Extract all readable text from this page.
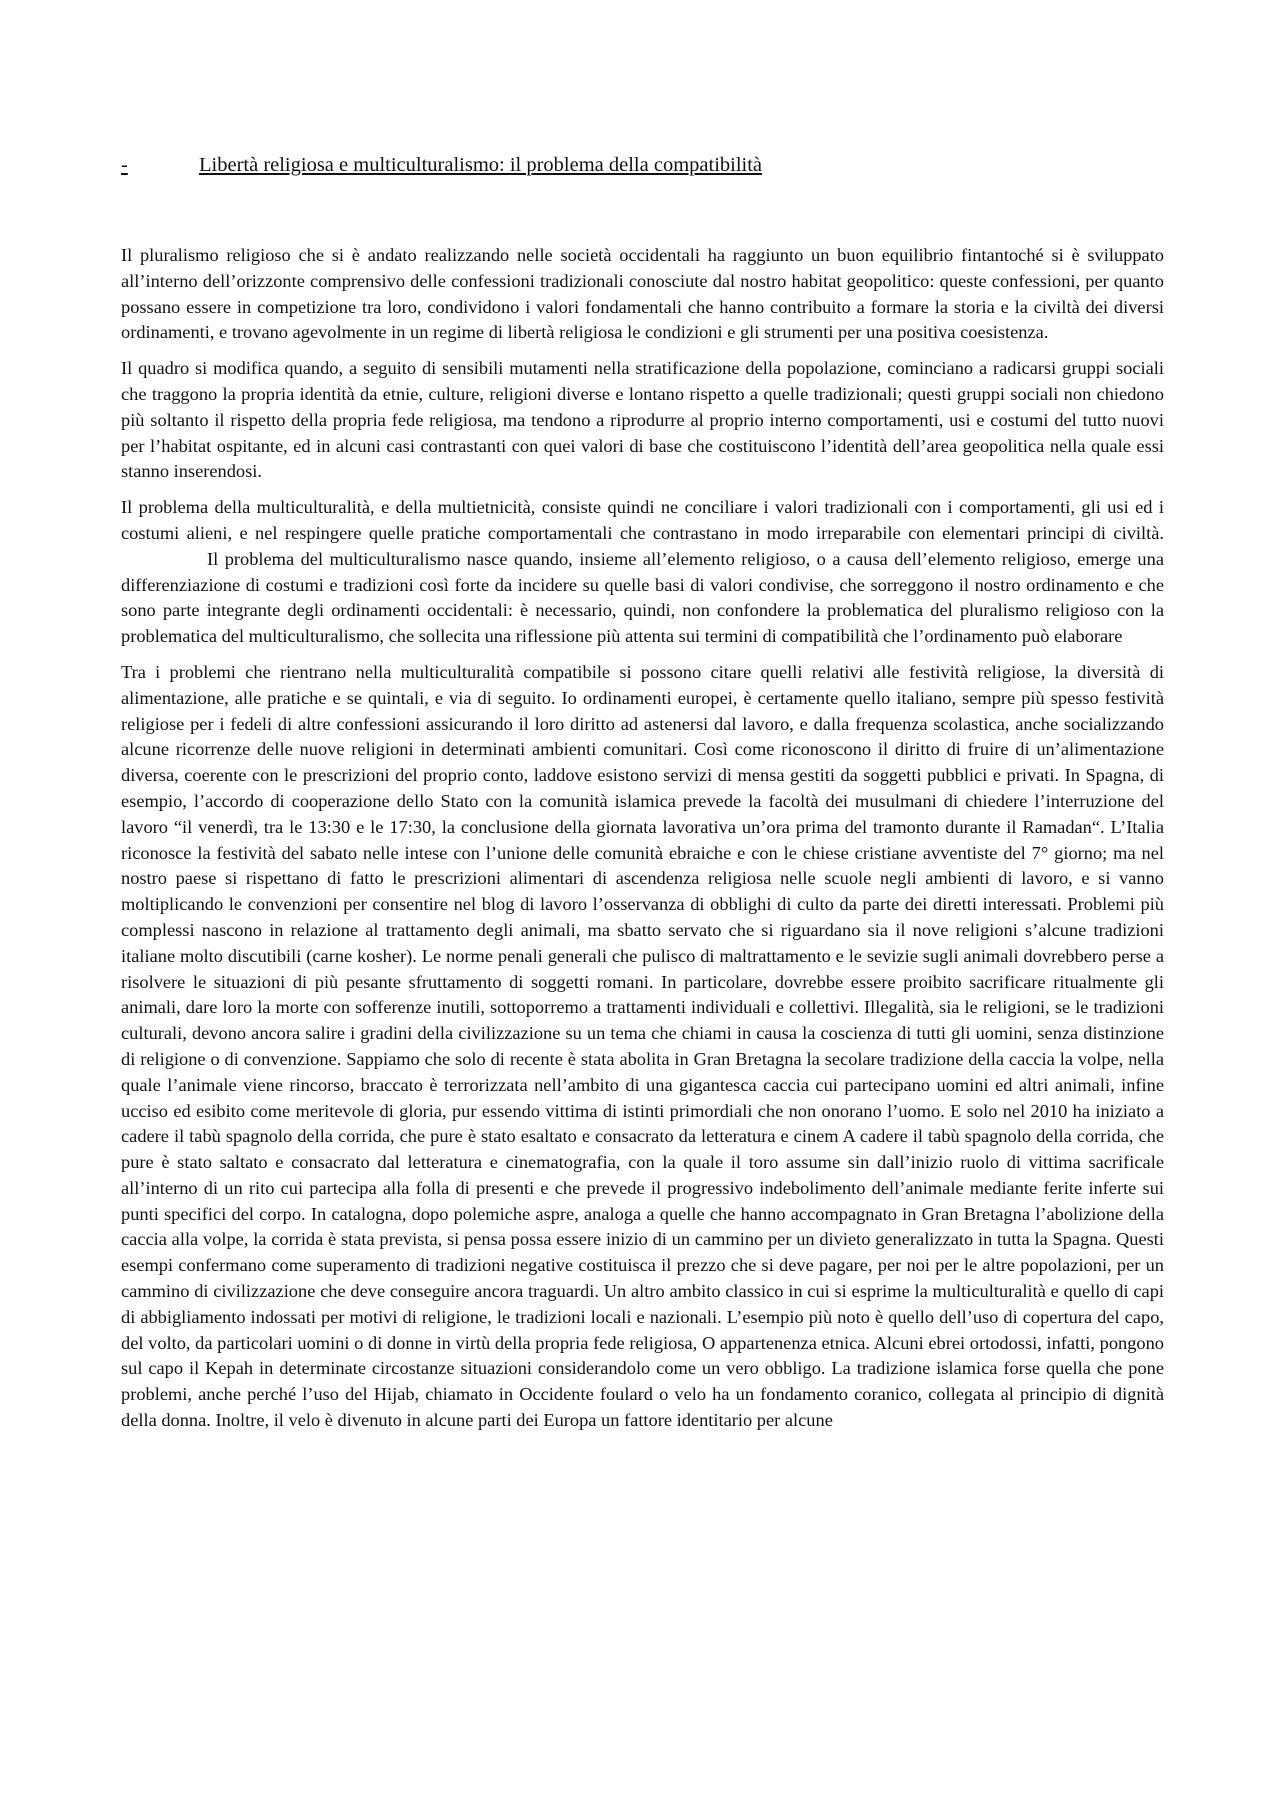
-	Libertà religiosa e multiculturalismo: il problema della compatibilità

Il pluralismo religioso che si è andato realizzando nelle società occidentali ha raggiunto un buon equilibrio fintantoché si è sviluppato all’interno dell’orizzonte comprensivo delle confessioni tradizionali conosciute dal nostro habitat geopolitico: queste confessioni, per quanto possano essere in competizione tra loro, condividono i valori fondamentali che hanno contribuito a formare la storia e la civiltà dei diversi ordinamenti, e trovano agevolmente in un regime di libertà religiosa le condizioni e gli strumenti per una positiva coesistenza.

Il quadro si modifica quando, a seguito di sensibili mutamenti nella stratificazione della popolazione, cominciano a radicarsi gruppi sociali che traggono la propria identità da etnie, culture, religioni diverse e lontano rispetto a quelle tradizionali; questi gruppi sociali non chiedono più soltanto il rispetto della propria fede religiosa, ma tendono a riprodurre al proprio interno comportamenti, usi e costumi del tutto nuovi per l’habitat ospitante, ed in alcuni casi contrastanti con quei valori di base che costituiscono l’identità dell’area geopolitica nella quale essi stanno inserendosi.

Il problema della multiculturalità, e della multietnicità, consiste quindi ne conciliare i valori tradizionali con i comportamenti, gli usi ed i costumi alieni, e nel respingere quelle pratiche comportamentali che contrastano in modo irreparabile con elementari principi di civiltà.Il problema del multiculturalismo nasce quando, insieme all’elemento religioso, o a causa dell’elemento religioso, emerge una differenziazione di costumi e tradizioni così forte da incidere su quelle basi di valori condivise, che sorreggono il nostro ordinamento e che sono parte integrante degli ordinamenti occidentali: è necessario, quindi, non confondere la problematica del pluralismo religioso con la problematica del multiculturalismo, che sollecita una riflessione più attenta sui termini di compatibilità che l’ordinamento può elaborare

Tra i problemi che rientrano nella multiculturalità compatibile si possono citare quelli relativi alle festività religiose, la diversità di alimentazione, alle pratiche e se quintali, e via di seguito. Io ordinamenti europei, è certamente quello italiano, sempre più spesso festività religiose per i fedeli di altre confessioni assicurando il loro diritto ad astenersi dal lavoro, e dalla frequenza scolastica, anche socializzando alcune ricorrenze delle nuove religioni in determinati ambienti comunitari. Così come riconoscono il diritto di fruire di un’alimentazione diversa, coerente con le prescrizioni del proprio conto, laddove esistono servizi di mensa gestiti da soggetti pubblici e privati. In Spagna, di esempio, l’accordo di cooperazione dello Stato con la comunità islamica prevede la facoltà dei musulmani di chiedere l’interruzione del lavoro “il venerdì, tra le 13:30 e le 17:30, la conclusione della giornata lavorativa un’ora prima del tramonto durante il Ramadan“. L’Italia riconosce la festività del sabato nelle intese con l’unione delle comunità ebraiche e con le chiese cristiane avventiste del 7° giorno; ma nel nostro paese si rispettano di fatto le prescrizioni alimentari di ascendenza religiosa nelle scuole negli ambienti di lavoro, e si vanno moltiplicando le convenzioni per consentire nel blog di lavoro l’osservanza di obblighi di culto da parte dei diretti interessati. Problemi più complessi nascono in relazione al trattamento degli animali, ma sbatto servato che si riguardano sia il nove religioni s’alcune tradizioni italiane molto discutibili (carne kosher). Le norme penali generali che pulisco di maltrattamento e le sevizie sugli animali dovrebbero perse a risolvere le situazioni di più pesante sfruttamento di soggetti romani. In particolare, dovrebbe essere proibito sacrificare ritualmente gli animali, dare loro la morte con sofferenze inutili, sottoporremo a trattamenti individuali e collettivi. Illegalità, sia le religioni, se le tradizioni culturali, devono ancora salire i gradini della civilizzazione su un tema che chiami in causa la coscienza di tutti gli uomini, senza distinzione di religione o di convenzione. Sappiamo che solo di recente è stata abolita in Gran Bretagna la secolare tradizione della caccia la volpe, nella quale l’animale viene rincorso, braccato è terrorizzata nell’ambito di una gigantesca caccia cui partecipano uomini ed altri animali, infine ucciso ed esibito come meritevole di gloria, pur essendo vittima di istinti primordiali che non onorano l’uomo. E solo nel 2010 ha iniziato a cadere il tabù spagnolo della corrida, che pure è stato esaltato e consacrato da letteratura e cinem A cadere il tabù spagnolo della corrida, che pure è stato saltato e consacrato dal letteratura e cinematografia, con la quale il toro assume sin dall’inizio ruolo di vittima sacrificale all’interno di un rito cui partecipa alla folla di presenti e che prevede il progressivo indebolimento dell’animale mediante ferite inferte sui punti specifici del corpo. In catalogna, dopo polemiche aspre, analoga a quelle che hanno accompagnato in Gran Bretagna l’abolizione della caccia alla volpe, la corrida è stata prevista, si pensa possa essere inizio di un cammino per un divieto generalizzato in tutta la Spagna. Questi esempi confermano come superamento di tradizioni negative costituisca il prezzo che si deve pagare, per noi per le altre popolazioni, per un cammino di civilizzazione che deve conseguire ancora traguardi. Un altro ambito classico in cui si esprime la multiculturalità e quello di capi di abbigliamento indossati per motivi di religione, le tradizioni locali e nazionali. L’esempio più noto è quello dell’uso di copertura del capo, del volto, da particolari uomini o di donne in virtù della propria fede religiosa, O appartenenza etnica. Alcuni ebrei ortodossi, infatti, pongono sul capo il Kepah in determinate circostanze situazioni considerandolo come un vero obbligo. La tradizione islamica forse quella che pone problemi, anche perché l’uso del Hijab, chiamato in Occidente foulard o velo ha un fondamento coranico, collegata al principio di dignità della donna. Inoltre, il velo è divenuto in alcune parti dei Europa un fattore identitario per alcune
